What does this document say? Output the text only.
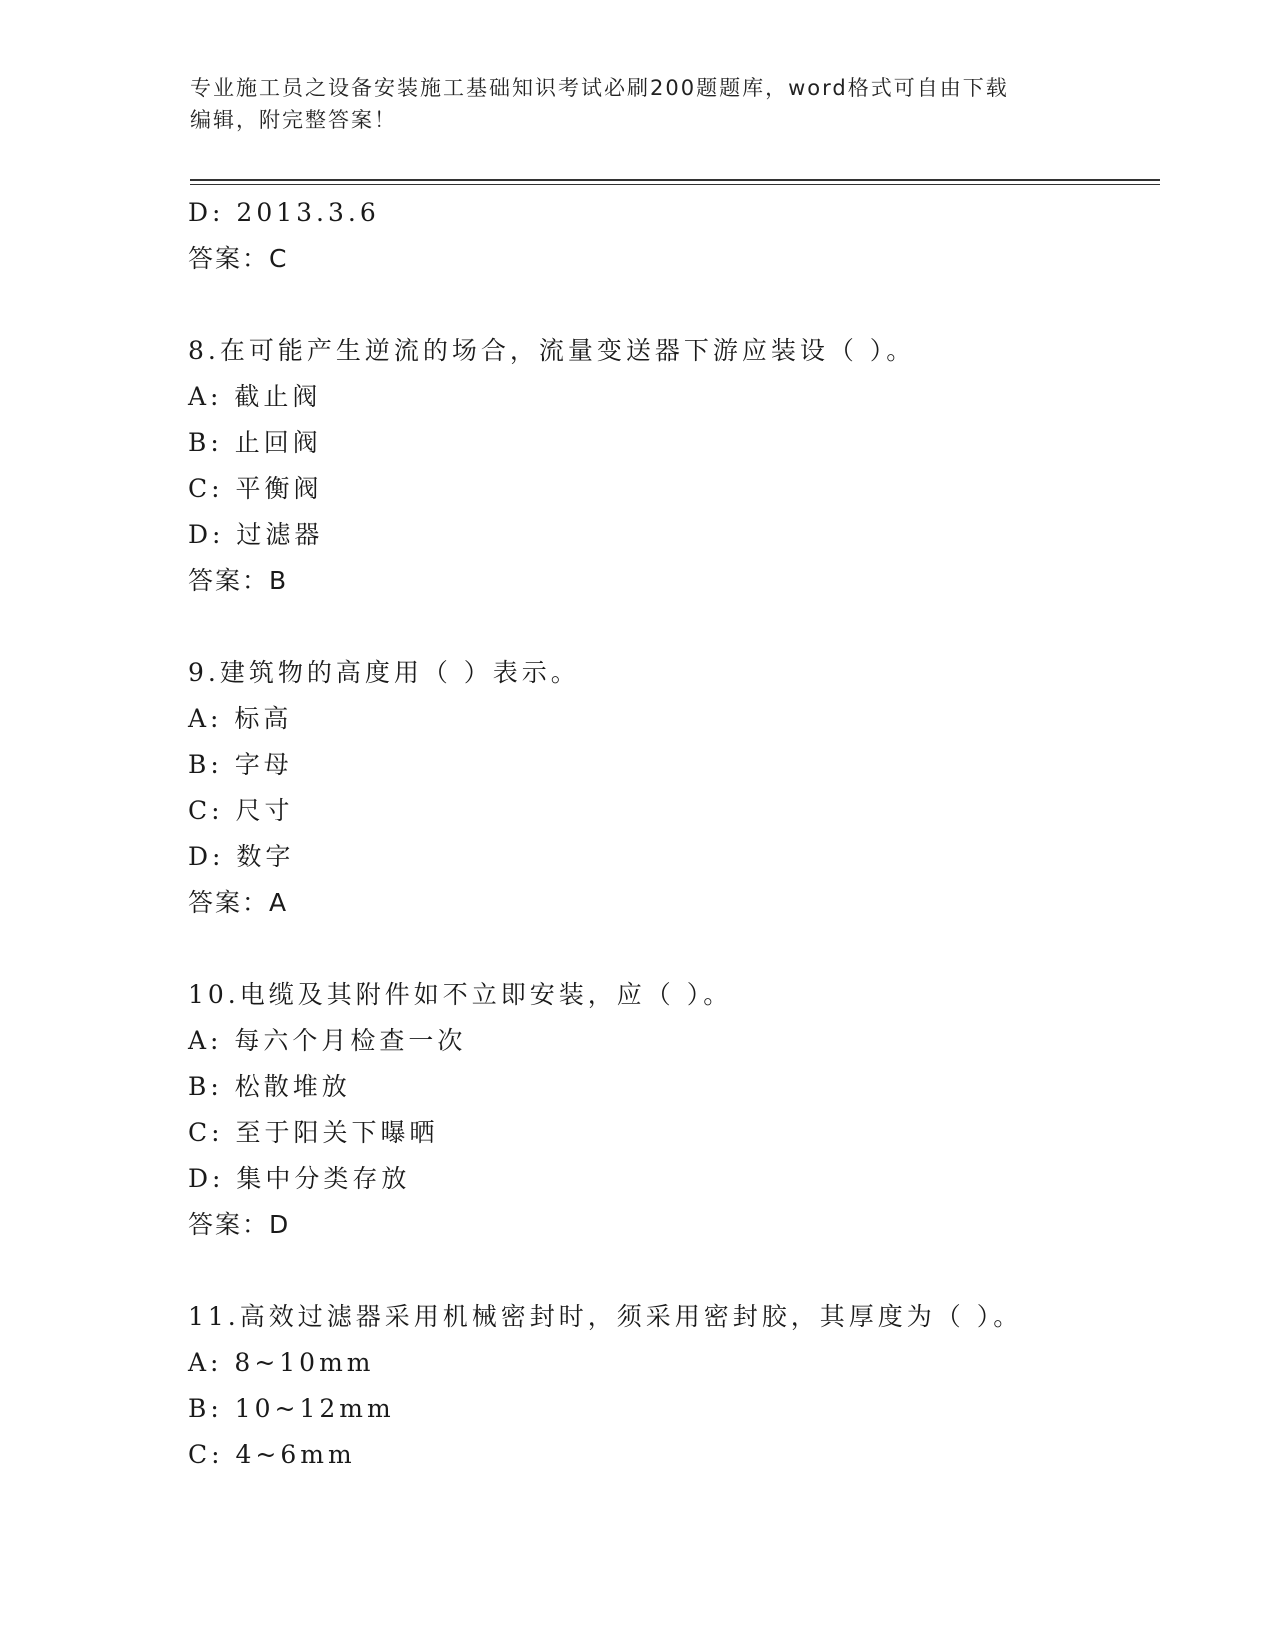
专业施工员之设备安装施工基础知识考试必刷200题题库，word格式可自由下载
编辑，附完整答案！
D: 2013.3.6
答案：C
8.在可能产生逆流的场合，流量变送器下游应装设（ ）。
A: 截止阀
B: 止回阀
C: 平衡阀
D: 过滤器
答案：B
9.建筑物的高度用（ ）表示。
A: 标高
B: 字母
C: 尺寸
D: 数字
答案：A
10.电缆及其附件如不立即安装，应（ ）。
A: 每六个月检查一次
B: 松散堆放
C: 至于阳关下曝晒
D: 集中分类存放
答案：D
11.高效过滤器采用机械密封时，须采用密封胶，其厚度为（ ）。
A: 8~10mm
B: 10~12mm
C: 4~6mm
